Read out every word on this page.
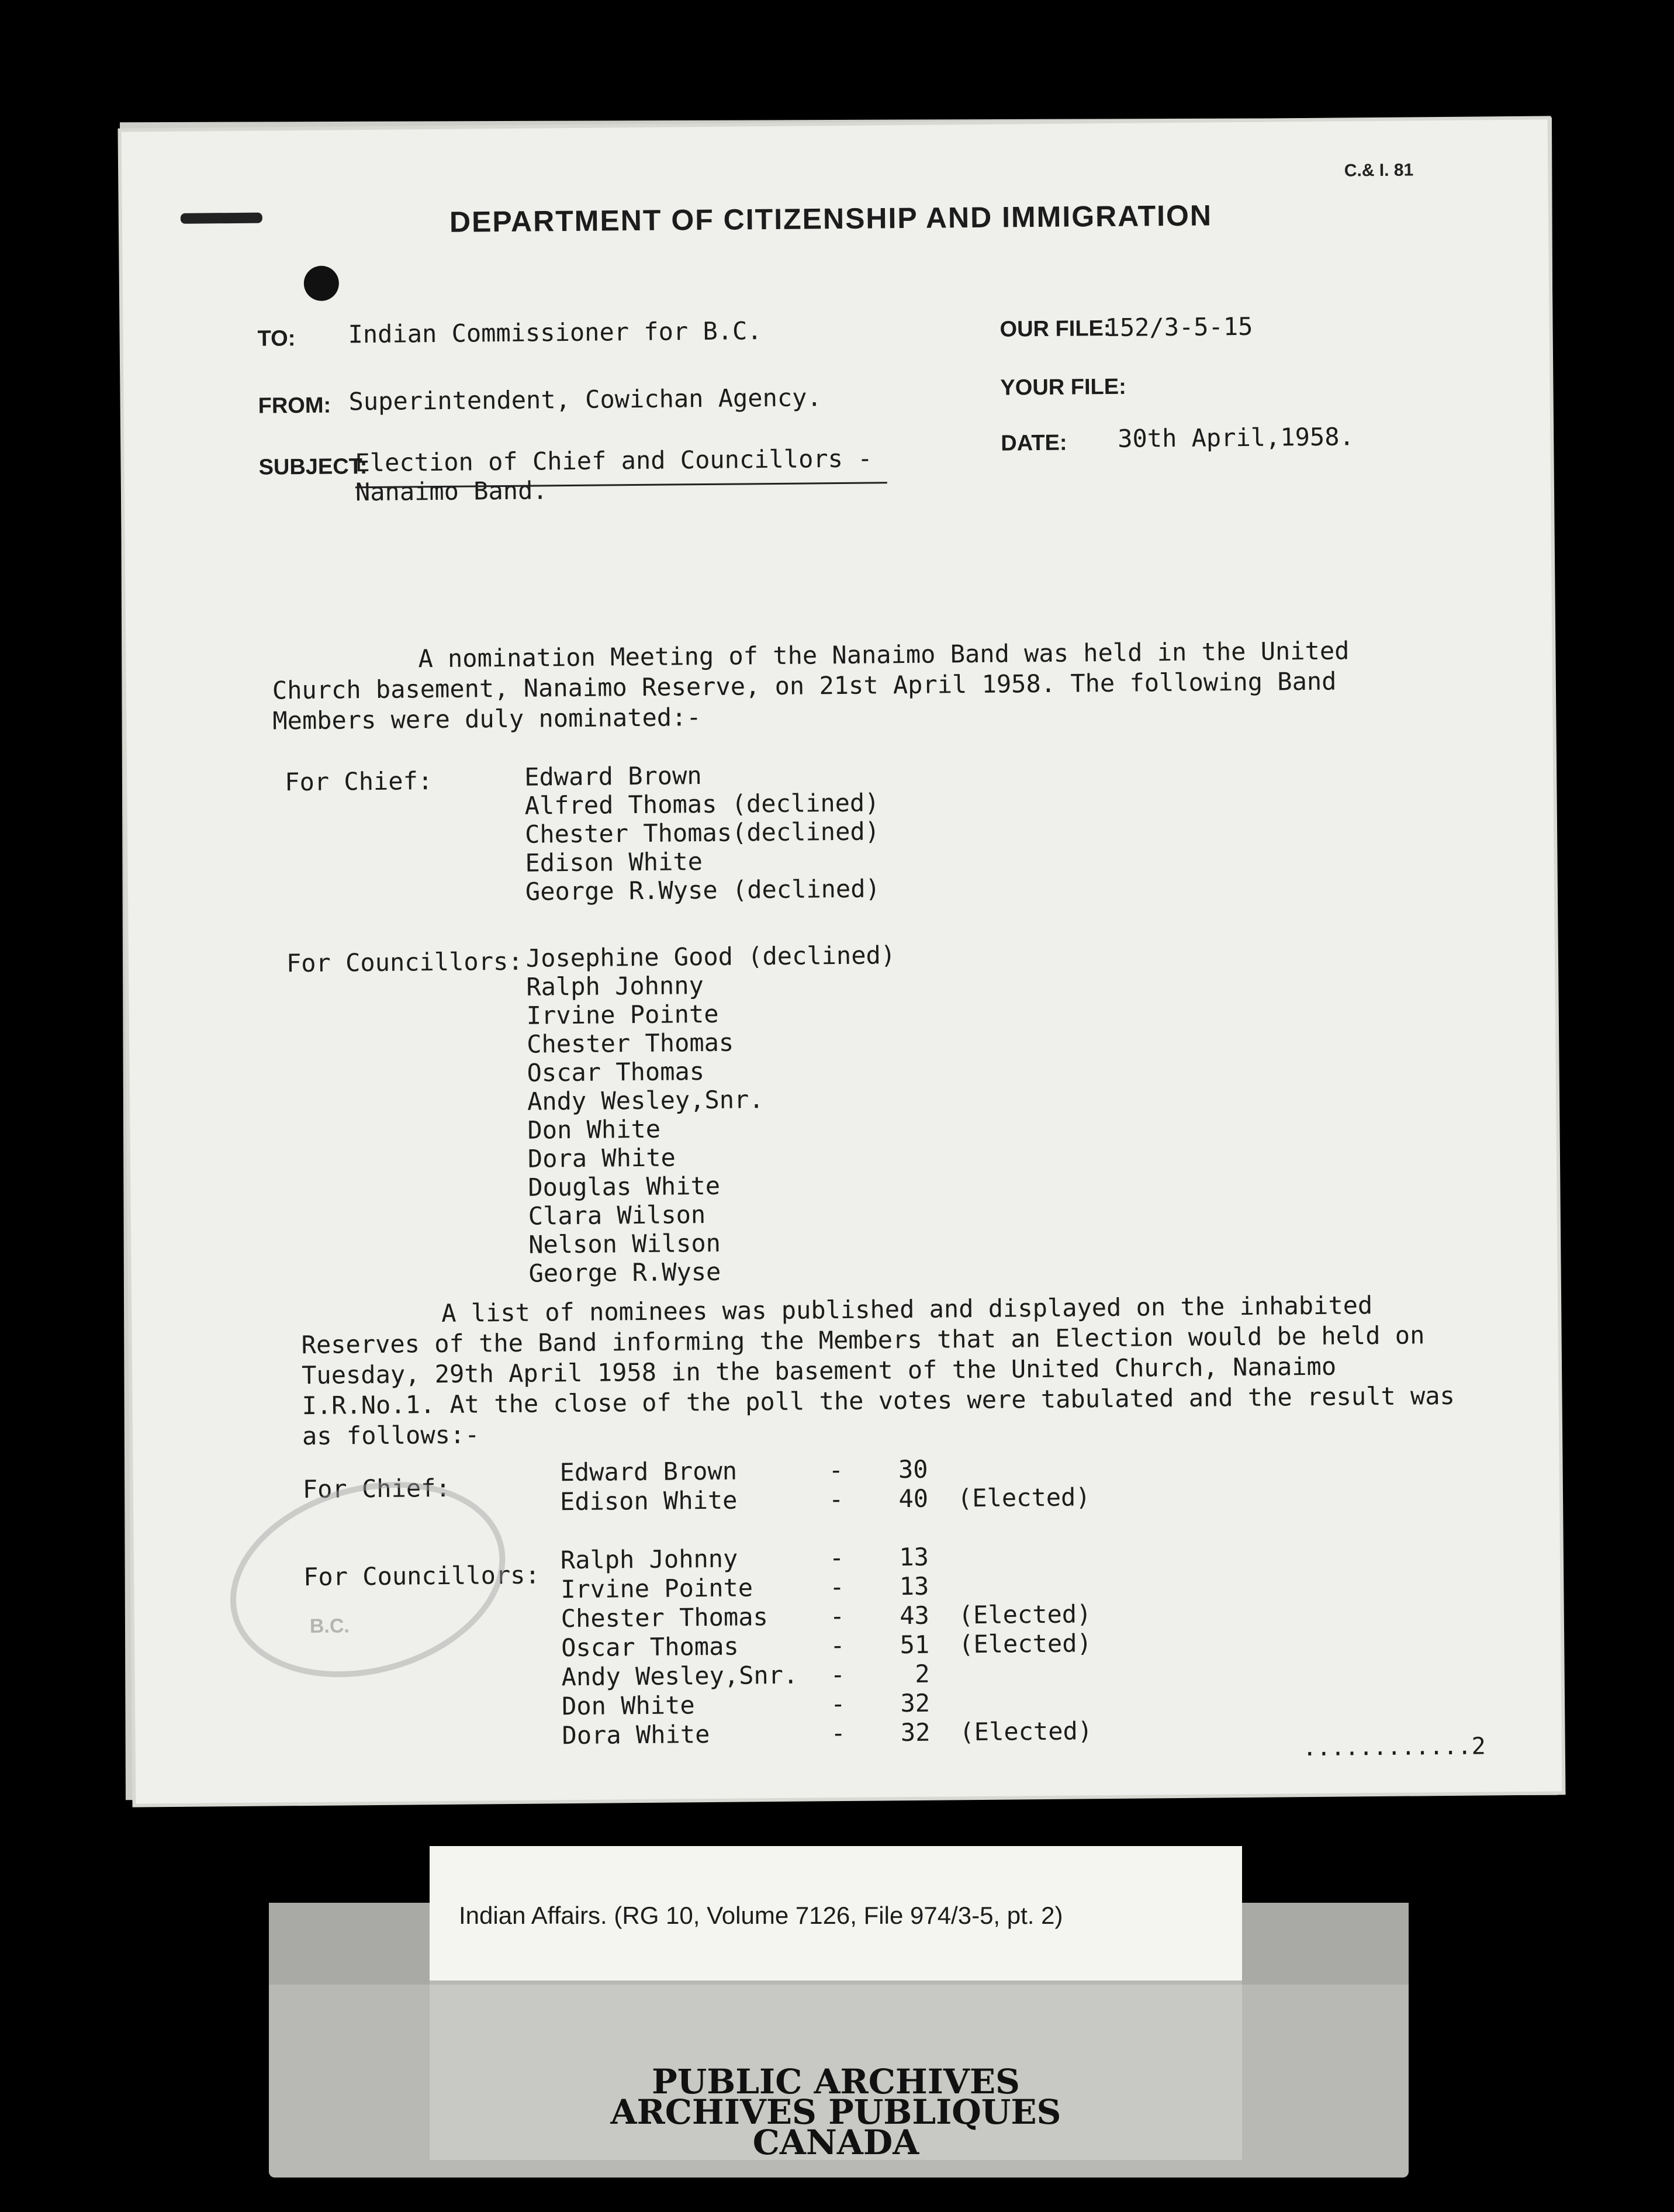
C.& I. 81
DEPARTMENT OF CITIZENSHIP AND IMMIGRATION
TO: Indian Commissioner for B.C.
FROM: Superintendent, Cowichan Agency.
SUBJECT:
Election of Chief and Councillors -
Nanaimo Band.
OUR FILE:
152/3-5-15
YOUR FILE:
DATE: 30th April,1958.
A nomination Meeting of the Nanaimo Band was held in the United Church basement, Nanaimo Reserve, on 21st April 1958. The following Band Members were duly nominated:-
For Chief:	Edward Brown
Alfred Thomas (declined)
Chester Thomas(declined)
Edison White
George R.Wyse (declined)
For Councillors: Josephine Good (declined)
Ralph Johnny
Irvine Pointe
Chester Thomas
Oscar Thomas
Andy Wesley,Snr.
Don White
Dora White
Douglas White
Clara Wilson
Nelson Wilson
George R.Wyse
A list of nominees was published and displayed on the inhabited Reserves of the Band informing the Members that an Election would be held on Tuesday, 29th April 1958 in the basement of the United Church, Nanaimo I.R.No.1. At the close of the poll the votes were tabulated and the result was as follows:-
For Chief:
Edward Brown	-	30
Edison White	-	40 (Elected)
For Councillors:
Ralph Johnny	-	13
Irvine Pointe	-	13
Chester Thomas	-	43 (Elected)
Oscar Thomas	-	51 (Elected)
Andy Wesley,Snr.	-	2
Don White	-	32
Dora White	-	32 (Elected)
B.C.
............2
PUBLIC ARCHIVES
ARCHIVES PUBLIQUES
CANADA
Indian Affairs. (RG 10, Volume 7126, File 974/3-5, pt. 2)
